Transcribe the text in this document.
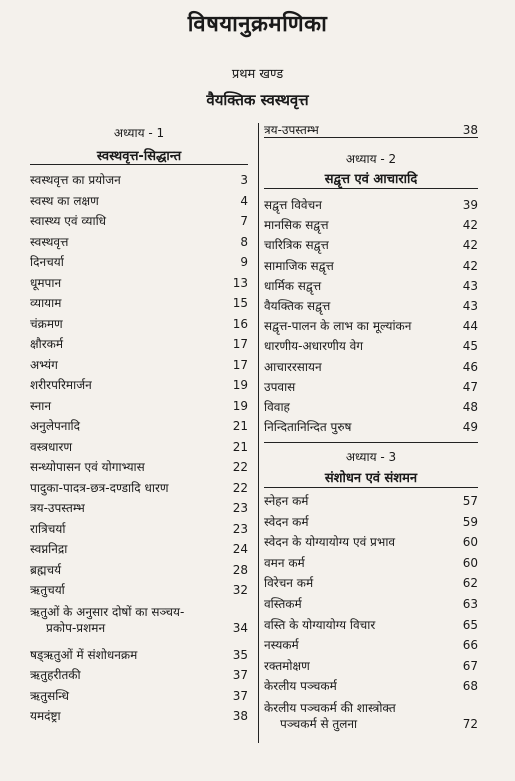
विषयानुक्रमणिका
प्रथम खण्ड
वैयक्तिक स्वस्थवृत्त
अध्याय - 1
स्वस्थवृत्त-सिद्धान्त
स्वस्थवृत्त का प्रयोजन	3
स्वस्थ का लक्षण	4
स्वास्थ्य एवं व्याधि	7
स्वस्थवृत्त	8
दिनचर्या	9
धूमपान	13
व्यायाम	15
चंक्रमण	16
क्षौरकर्म	17
अभ्यंग	17
शरीरपरिमार्जन	19
स्नान	19
अनुलेपनादि	21
वस्त्रधारण	21
सन्ध्योपासन एवं योगाभ्यास	22
पादुका-पादत्र-छत्र-दण्डादि धारण	22
त्रय-उपस्तम्भ	23
रात्रिचर्या	23
स्वप्ननिद्रा	24
ब्रह्मचर्य	28
ऋतुचर्या	32
ऋतुओं के अनुसार दोषों का सञ्चय-
प्रकोप-प्रशमन	34
षड्ऋतुओं में संशोधनक्रम	35
ऋतुहरीतकी	37
ऋतुसन्धि	37
यमदंष्ट्रा	38
अध्याय - 2
सद्वृत्त एवं आचारादि
अध्याय - 3
संशोधन एवं संशमन
त्रय-उपस्तम्भ	38
सद्वृत्त विवेचन	39
मानसिक सद्वृत्त	42
चारित्रिक सद्वृत्त	42
सामाजिक सद्वृत्त	42
धार्मिक सद्वृत्त	43
वैयक्तिक सद्वृत्त	43
सद्वृत्त-पालन के लाभ का मूल्यांकन	44
धारणीय-अधारणीय वेग	45
आचाररसायन	46
उपवास	47
विवाह	48
निन्दितानिन्दित पुरुष	49
स्नेहन कर्म	57
स्वेदन कर्म	59
स्वेदन के योग्यायोग्य एवं प्रभाव	60
वमन कर्म	60
विरेचन कर्म	62
वस्तिकर्म	63
वस्ति के योग्यायोग्य विचार	65
नस्यकर्म	66
रक्तमोक्षण	67
केरलीय पञ्चकर्म	68
केरलीय पञ्चकर्म की शास्त्रोक्त
पञ्चकर्म से तुलना	72
